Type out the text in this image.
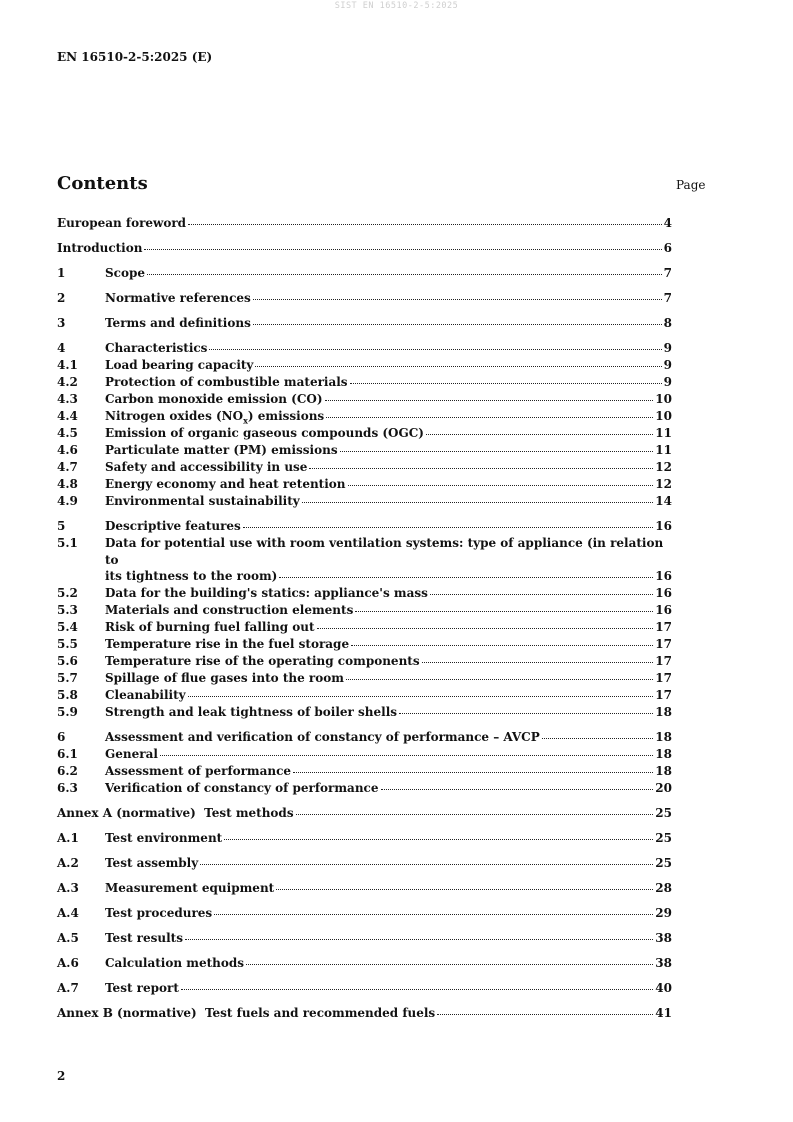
SIST EN 16510-2-5:2025
EN 16510-2-5:2025 (E)
Contents	Page
European foreword	4
Introduction	6
1	Scope	7
2	Normative references	7
3	Terms and definitions	8
4	Characteristics	9
4.1	Load bearing capacity	9
4.2	Protection of combustible materials	9
4.3	Carbon monoxide emission (CO)	10
4.4	Nitrogen oxides $(NO_x)$ emissions	10
4.5	Emission of organic gaseous compounds (OGC)	11
4.6	Particulate matter (PM) emissions	11
4.7	Safety and accessibility in use	12
4.8	Energy economy and heat retention	12
4.9	Environmental sustainability	14
5	Descriptive features	16
5.1	Data for potential use with room ventilation systems: type of appliance (in relation to
its tightness to the room)	16
5.2	Data for the building's statics: appliance's mass	16
5.3	Materials and construction elements	16
5.4	Risk of burning fuel falling out	17
5.5	Temperature rise in the fuel storage	17
5.6	Temperature rise of the operating components	17
5.7	Spillage of flue gases into the room	17
5.8	Cleanability	17
5.9	Strength and leak tightness of boiler shells	18
6	Assessment and verification of constancy of performance – AVCP	18
6.1	General	18
6.2	Assessment of performance	18
6.3	Verification of constancy of performance	20
Annex A (normative)  Test methods	25
A.1	Test environment	25
A.2	Test assembly	25
A.3	Measurement equipment	28
A.4	Test procedures	29
A.5	Test results	38
A.6	Calculation methods	38
A.7	Test report	40
Annex B (normative)  Test fuels and recommended fuels	41
2
